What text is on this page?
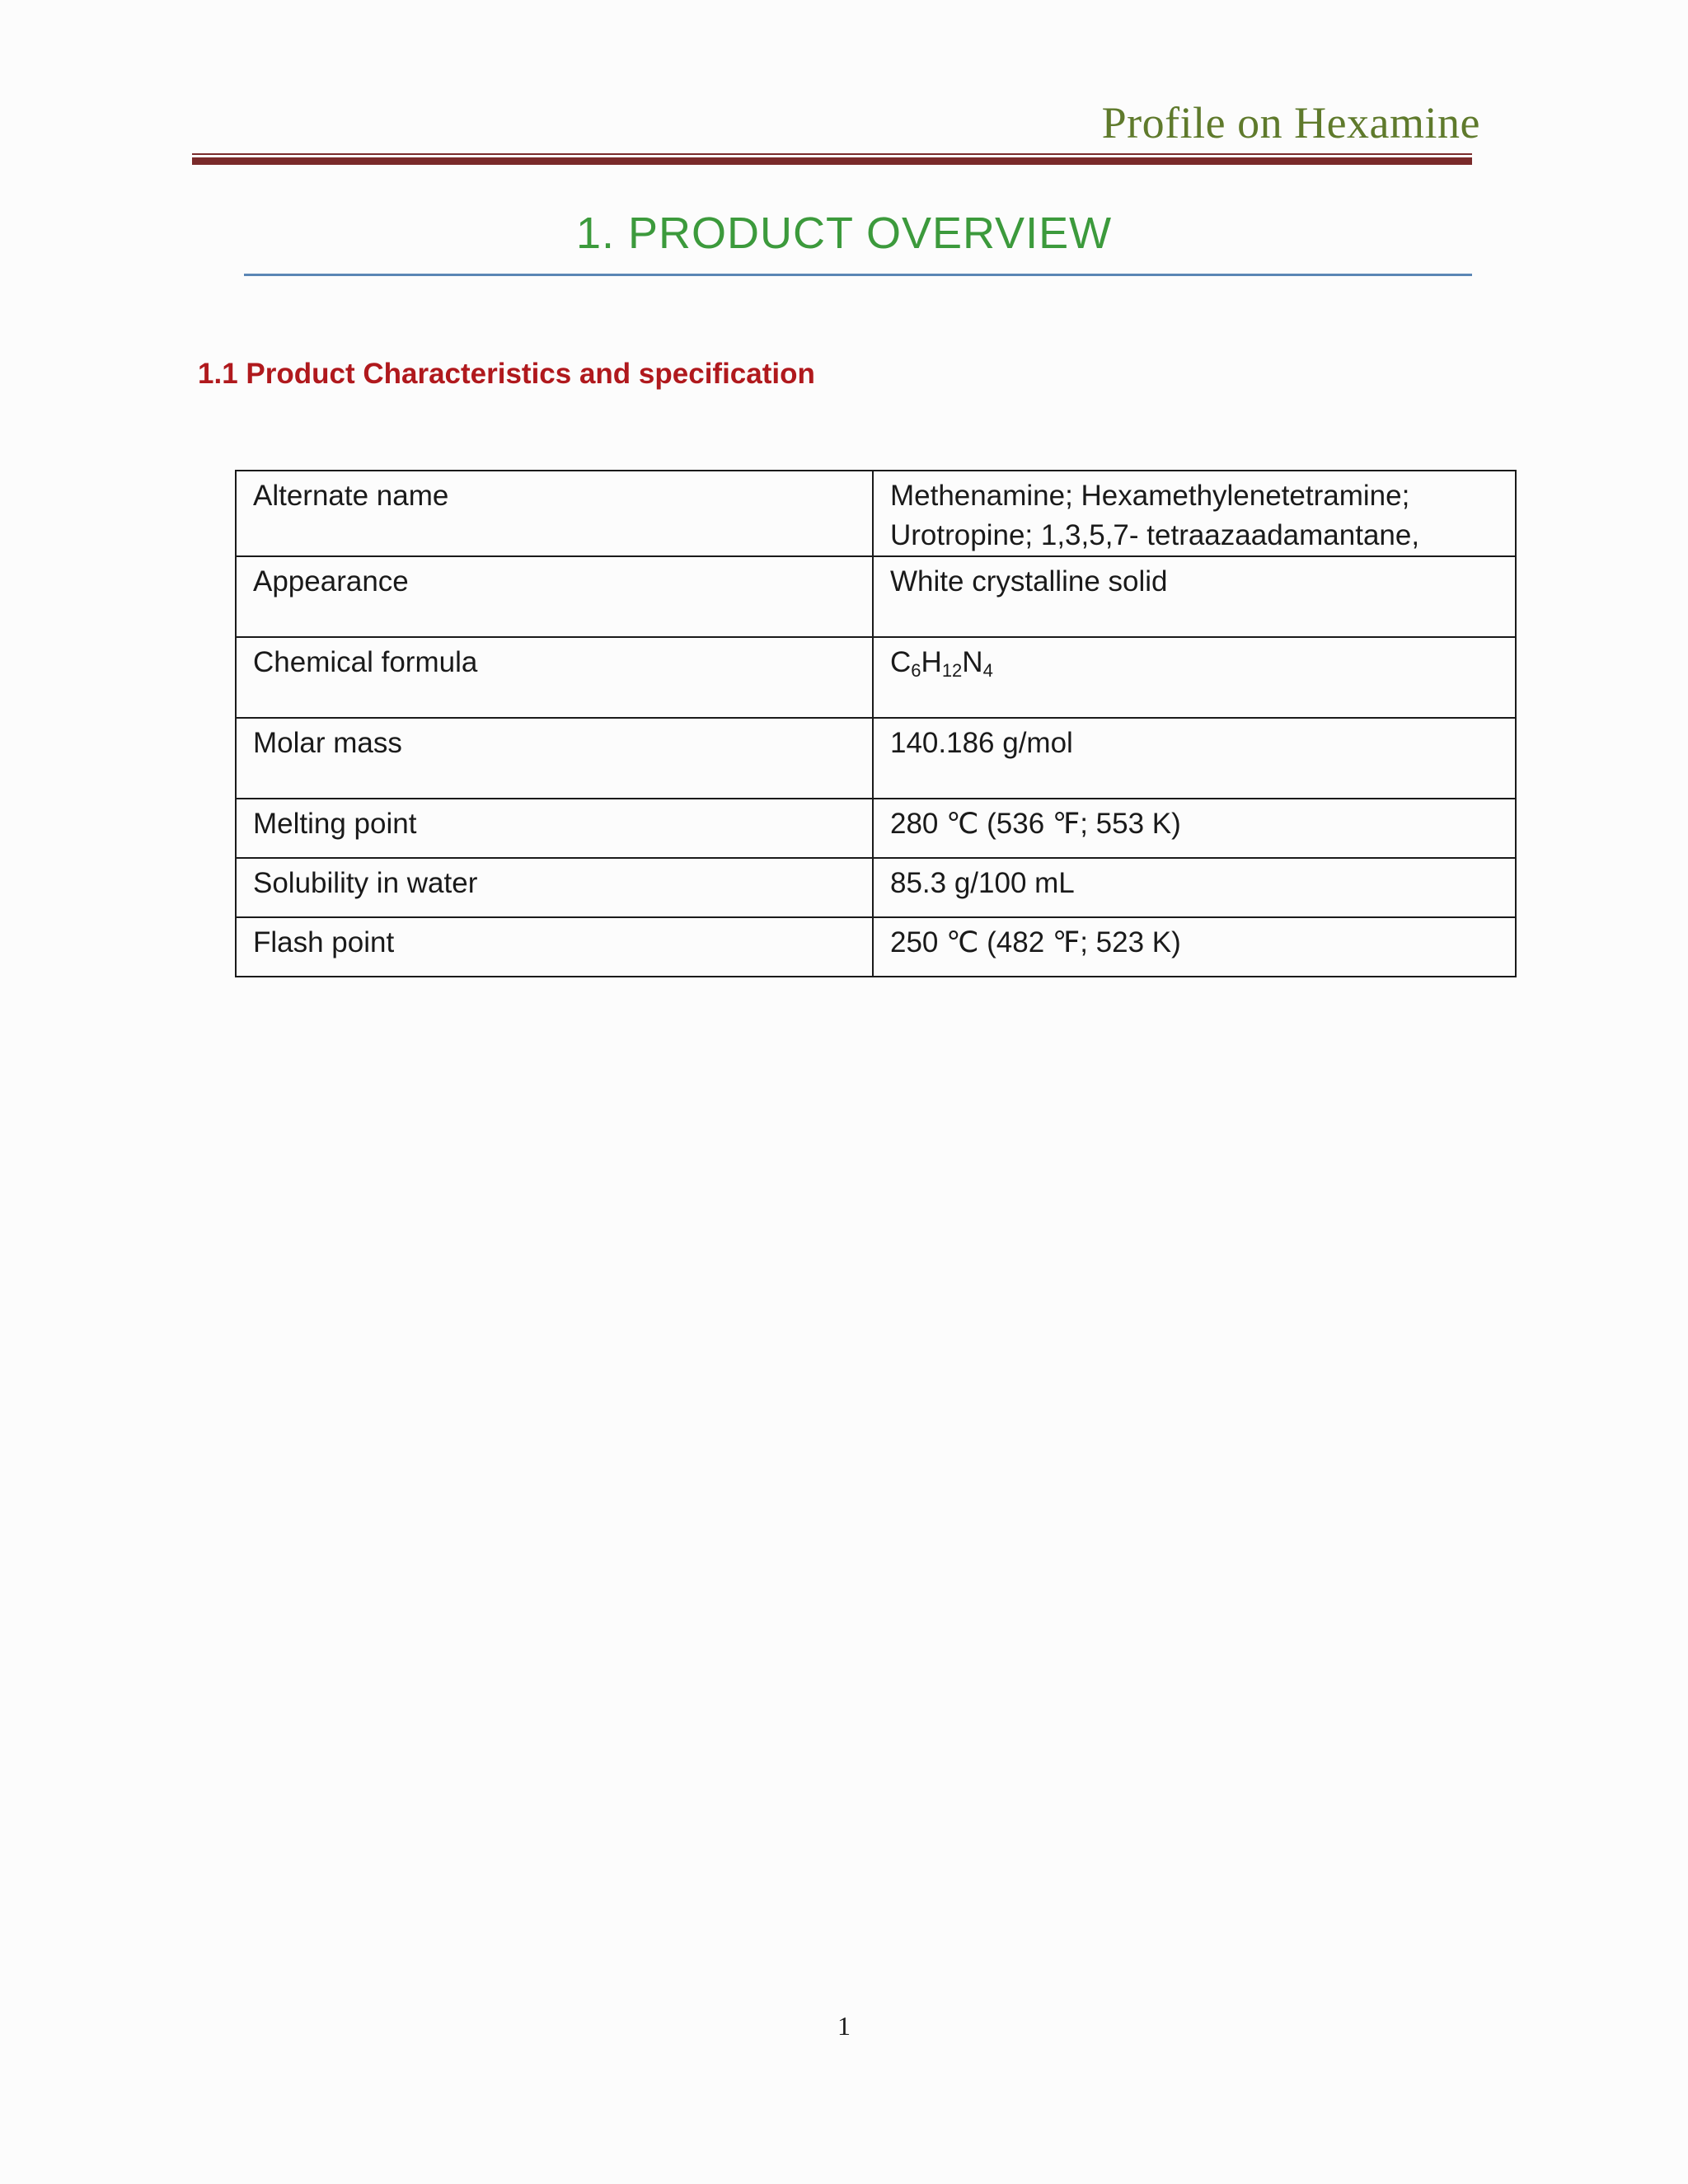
Profile on Hexamine
1. PRODUCT OVERVIEW
1.1 Product Characteristics and specification
Alternate name	Methenamine; Hexamethylenetetramine; Urotropine; 1,3,5,7- tetraazaadamantane,
Appearance	White crystalline solid
Chemical formula	$C_6H_{12}N_4$
Molar mass	140.186 g/mol
Melting point	280 ℃ (536 ℉; 553 K)
Solubility in water	85.3 g/100 mL
Flash point	250 ℃ (482 ℉; 523 K)
1
